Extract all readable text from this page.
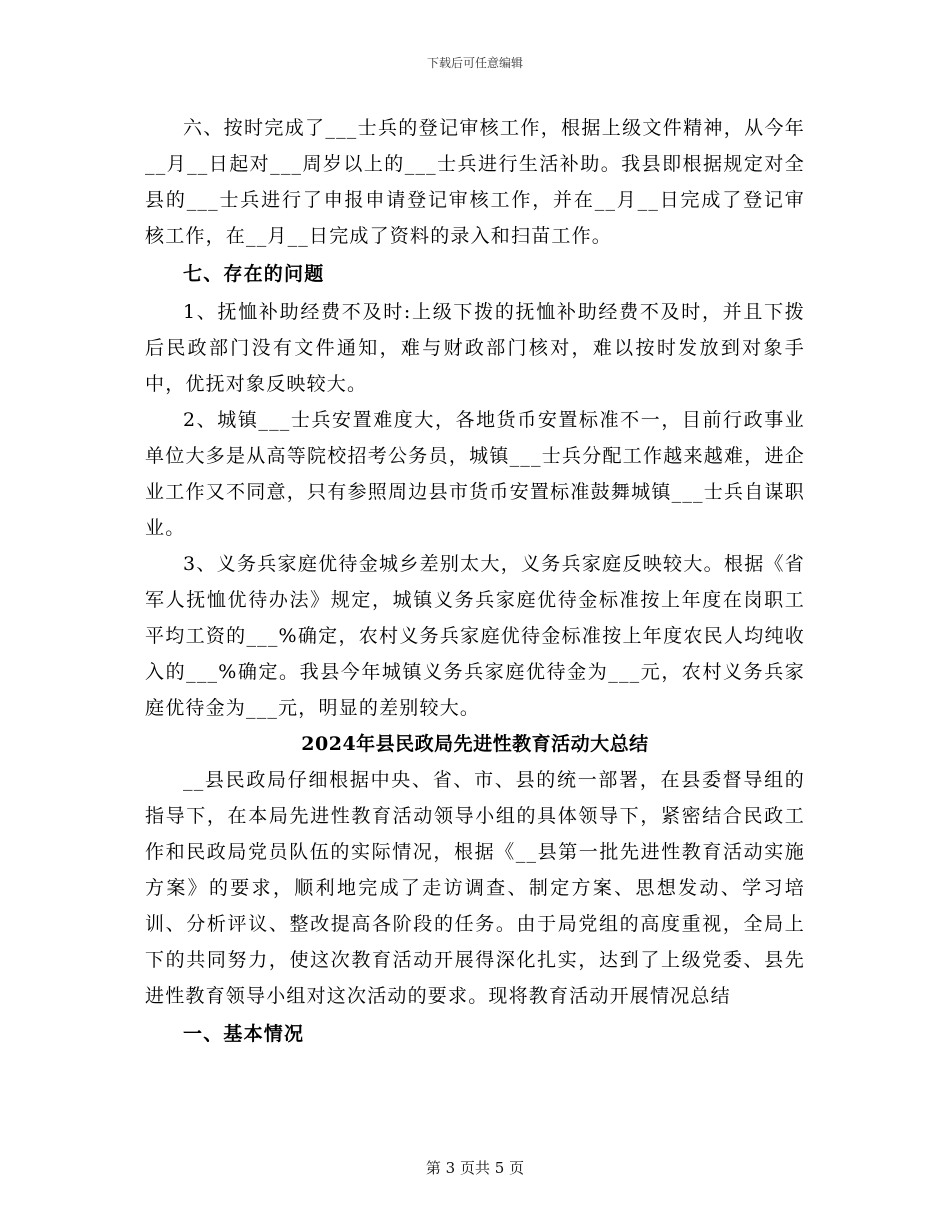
下载后可任意编辑

六、按时完成了___士兵的登记审核工作，根据上级文件精神，从今年__月__日起对___周岁以上的___士兵进行生活补助。我县即根据规定对全县的___士兵进行了申报申请登记审核工作，并在__月__日完成了登记审核工作，在__月__日完成了资料的录入和扫苗工作。

七、存在的问题

1、抚恤补助经费不及时:上级下拨的抚恤补助经费不及时，并且下拨后民政部门没有文件通知，难与财政部门核对，难以按时发放到对象手中，优抚对象反映较大。

2、城镇___士兵安置难度大，各地货币安置标准不一，目前行政事业单位大多是从高等院校招考公务员，城镇___士兵分配工作越来越难，进企业工作又不同意，只有参照周边县市货币安置标准鼓舞城镇___士兵自谋职业。

3、义务兵家庭优待金城乡差别太大，义务兵家庭反映较大。根据《省军人抚恤优待办法》规定，城镇义务兵家庭优待金标准按上年度在岗职工平均工资的___%确定，农村义务兵家庭优待金标准按上年度农民人均纯收入的___%确定。我县今年城镇义务兵家庭优待金为___元，农村义务兵家庭优待金为___元，明显的差别较大。

2024年县民政局先进性教育活动大总结

__县民政局仔细根据中央、省、市、县的统一部署，在县委督导组的指导下，在本局先进性教育活动领导小组的具体领导下，紧密结合民政工作和民政局党员队伍的实际情况，根据《__县第一批先进性教育活动实施方案》的要求，顺利地完成了走访调查、制定方案、思想发动、学习培训、分析评议、整改提高各阶段的任务。由于局党组的高度重视，全局上下的共同努力，使这次教育活动开展得深化扎实，达到了上级党委、县先进性教育领导小组对这次活动的要求。现将教育活动开展情况总结

一、基本情况

第 3 页共 5 页
